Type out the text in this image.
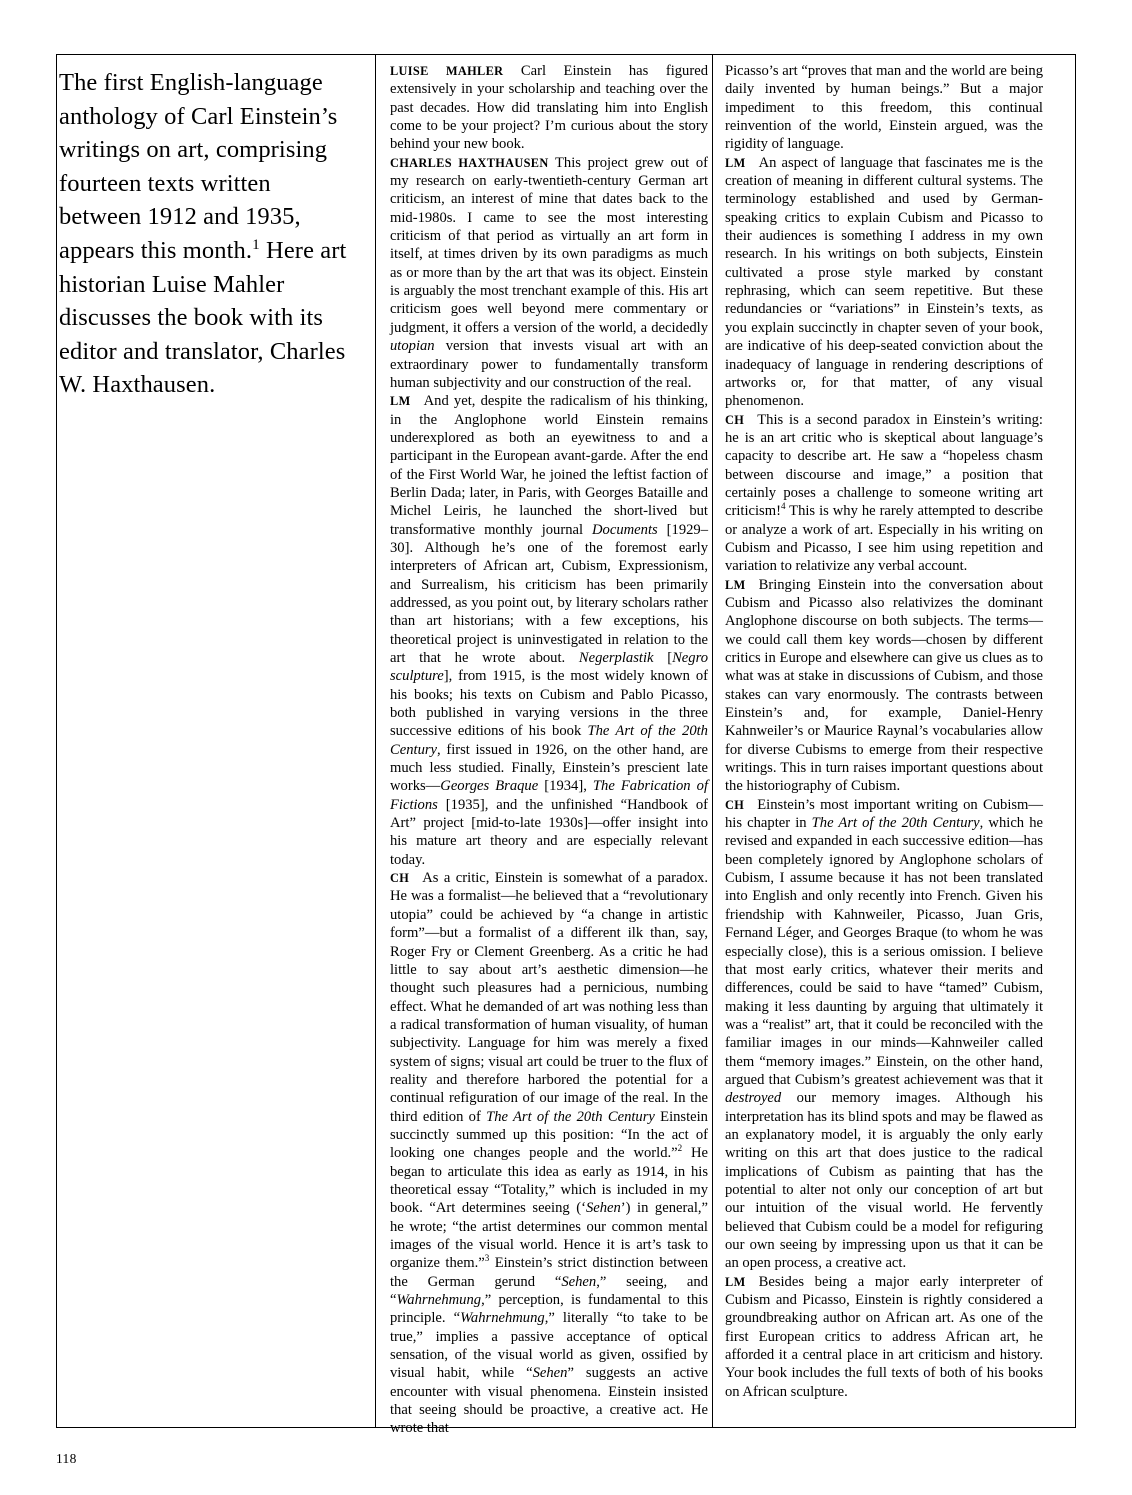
The first English-language anthology of Carl Einstein’s writings on art, comprising fourteen texts written between 1912 and 1935, appears this month.$^1$ Here art historian Luise Mahler discusses the book with its editor and translator, Charles W. Haxthausen.

LUISE MAHLER Carl Einstein has figured extensively in your scholarship and teaching over the past decades. How did translating him into English come to be your project? I’m curious about the story behind your new book.

CHARLES HAXTHAUSEN This project grew out of my research on early-twentieth-century German art criticism, an interest of mine that dates back to the mid-1980s. I came to see the most interesting criticism of that period as virtually an art form in itself, at times driven by its own paradigms as much as or more than by the art that was its object. Einstein is arguably the most trenchant example of this. His art criticism goes well beyond mere commentary or judgment, it offers a version of the world, a decidedly utopian version that invests visual art with an extraordinary power to fundamentally transform human subjectivity and our construction of the real.

LM And yet, despite the radicalism of his thinking, in the Anglophone world Einstein remains underexplored as both an eyewitness to and a participant in the European avant-garde. After the end of the First World War, he joined the leftist faction of Berlin Dada; later, in Paris, with Georges Bataille and Michel Leiris, he launched the short-lived but transformative monthly journal Documents [1929–30]. Although he’s one of the foremost early interpreters of African art, Cubism, Expressionism, and Surrealism, his criticism has been primarily addressed, as you point out, by literary scholars rather than art historians; with a few exceptions, his theoretical project is uninvestigated in relation to the art that he wrote about. Negerplastik [Negro sculpture], from 1915, is the most widely known of his books; his texts on Cubism and Pablo Picasso, both published in varying versions in the three successive editions of his book The Art of the 20th Century, first issued in 1926, on the other hand, are much less studied. Finally, Einstein’s prescient late works—Georges Braque [1934], The Fabrication of Fictions [1935], and the unfinished “Handbook of Art” project [mid-to-late 1930s]—offer insight into his mature art theory and are especially relevant today.

CH As a critic, Einstein is somewhat of a paradox. He was a formalist—he believed that a “revolutionary utopia” could be achieved by “a change in artistic form”—but a formalist of a different ilk than, say, Roger Fry or Clement Greenberg. As a critic he had little to say about art’s aesthetic dimension—he thought such pleasures had a pernicious, numbing effect. What he demanded of art was nothing less than a radical transformation of human visuality, of human subjectivity. Language for him was merely a fixed system of signs; visual art could be truer to the flux of reality and therefore harbored the potential for a continual refiguration of our image of the real. In the third edition of The Art of the 20th Century Einstein succinctly summed up this position: “In the act of looking one changes people and the world.”$^2$ He began to articulate this idea as early as 1914, in his theoretical essay “Totality,” which is included in my book. “Art determines seeing (‘Sehen’) in general,” he wrote; “the artist determines our common mental images of the visual world. Hence it is art’s task to organize them.”$^3$ Einstein’s strict distinction between the German gerund “Sehen,” seeing, and “Wahrnehmung,” perception, is fundamental to this principle. “Wahrnehmung,” literally “to take to be true,” implies a passive acceptance of optical sensation, of the visual world as given, ossified by visual habit, while “Sehen” suggests an active encounter with visual phenomena. Einstein insisted that seeing should be proactive, a creative act. He wrote that

Picasso’s art “proves that man and the world are being daily invented by human beings.” But a major impediment to this freedom, this continual reinvention of the world, Einstein argued, was the rigidity of language.

LM An aspect of language that fascinates me is the creation of meaning in different cultural systems. The terminology established and used by German-speaking critics to explain Cubism and Picasso to their audiences is something I address in my own research. In his writings on both subjects, Einstein cultivated a prose style marked by constant rephrasing, which can seem repetitive. But these redundancies or “variations” in Einstein’s texts, as you explain succinctly in chapter seven of your book, are indicative of his deep-seated conviction about the inadequacy of language in rendering descriptions of artworks or, for that matter, of any visual phenomenon.

CH This is a second paradox in Einstein’s writing: he is an art critic who is skeptical about language’s capacity to describe art. He saw a “hopeless chasm between discourse and image,” a position that certainly poses a challenge to someone writing art criticism!$^4$ This is why he rarely attempted to describe or analyze a work of art. Especially in his writing on Cubism and Picasso, I see him using repetition and variation to relativize any verbal account.

LM Bringing Einstein into the conversation about Cubism and Picasso also relativizes the dominant Anglophone discourse on both subjects. The terms—we could call them key words—chosen by different critics in Europe and elsewhere can give us clues as to what was at stake in discussions of Cubism, and those stakes can vary enormously. The contrasts between Einstein’s and, for example, Daniel-Henry Kahnweiler’s or Maurice Raynal’s vocabularies allow for diverse Cubisms to emerge from their respective writings. This in turn raises important questions about the historiography of Cubism.

CH Einstein’s most important writing on Cubism—his chapter in The Art of the 20th Century, which he revised and expanded in each successive edition—has been completely ignored by Anglophone scholars of Cubism, I assume because it has not been translated into English and only recently into French. Given his friendship with Kahnweiler, Picasso, Juan Gris, Fernand Léger, and Georges Braque (to whom he was especially close), this is a serious omission. I believe that most early critics, whatever their merits and differences, could be said to have “tamed” Cubism, making it less daunting by arguing that ultimately it was a “realist” art, that it could be reconciled with the familiar images in our minds—Kahnweiler called them “memory images.” Einstein, on the other hand, argued that Cubism’s greatest achievement was that it destroyed our memory images. Although his interpretation has its blind spots and may be flawed as an explanatory model, it is arguably the only early writing on this art that does justice to the radical implications of Cubism as painting that has the potential to alter not only our conception of art but our intuition of the visual world. He fervently believed that Cubism could be a model for refiguring our own seeing by impressing upon us that it can be an open process, a creative act.

LM Besides being a major early interpreter of Cubism and Picasso, Einstein is rightly considered a groundbreaking author on African art. As one of the first European critics to address African art, he afforded it a central place in art criticism and history. Your book includes the full texts of both of his books on African sculpture.

118
